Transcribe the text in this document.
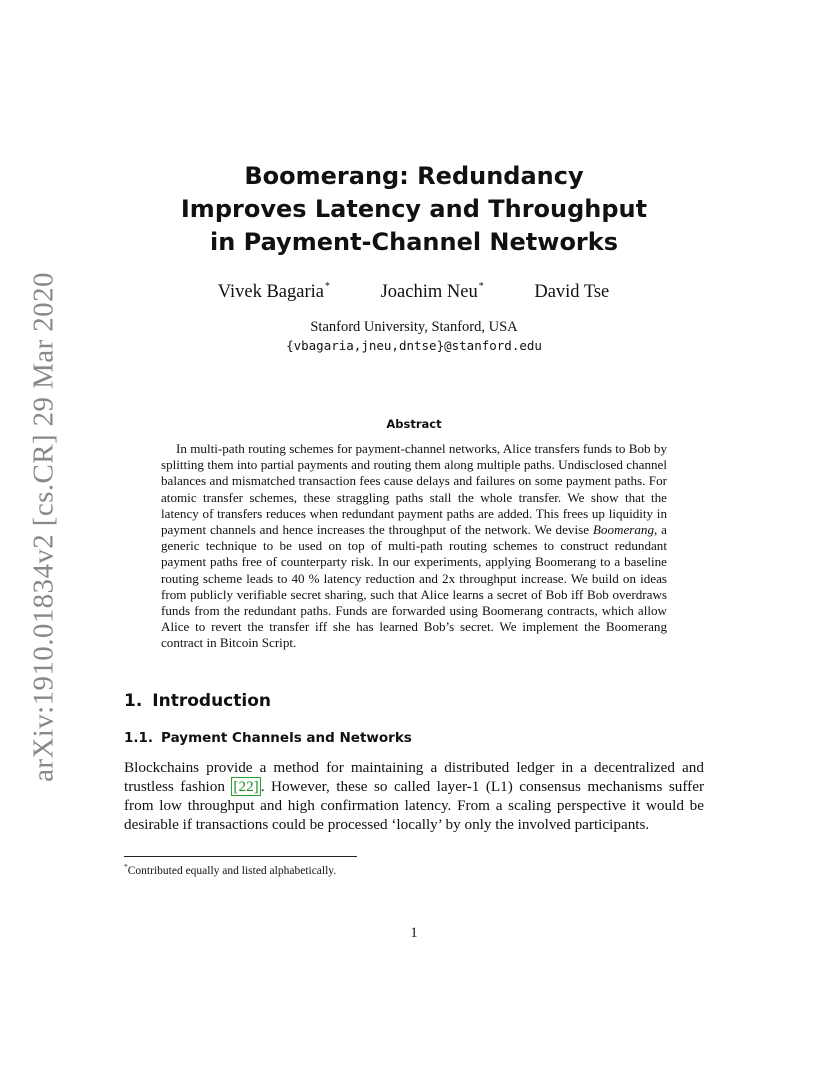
arXiv:1910.01834v2 [cs.CR] 29 Mar 2020
Boomerang: Redundancy
Improves Latency and Throughput
in Payment-Channel Networks
Vivek Bagaria*	Joachim Neu*	David Tse
Stanford University, Stanford, USA
{vbagaria,jneu,dntse}@stanford.edu
Abstract
In multi-path routing schemes for payment-channel networks, Alice transfers funds to Bob by splitting them into partial payments and routing them along multiple paths. Undisclosed channel balances and mismatched transaction fees cause delays and failures on some payment paths. For atomic transfer schemes, these straggling paths stall the whole transfer. We show that the latency of transfers reduces when redundant payment paths are added. This frees up liquidity in payment channels and hence increases the throughput of the network. We devise Boomerang, a generic technique to be used on top of multi-path routing schemes to construct redundant payment paths free of counterparty risk. In our experiments, applying Boomerang to a baseline routing scheme leads to 40 % latency reduction and 2x throughput increase. We build on ideas from publicly verifiable secret sharing, such that Alice learns a secret of Bob iff Bob overdraws funds from the redundant paths. Funds are forwarded using Boomerang contracts, which allow Alice to revert the transfer iff she has learned Bob’s secret. We implement the Boomerang contract in Bitcoin Script.
1. Introduction
1.1. Payment Channels and Networks
Blockchains provide a method for maintaining a distributed ledger in a decentralized and trustless fashion [22] . However, these so called layer-1 (L1) consensus mechanisms suffer from low throughput and high confirmation latency. From a scaling perspective it would be desirable if transactions could be processed ‘locally’ by only the involved participants.
*Contributed equally and listed alphabetically.
1
